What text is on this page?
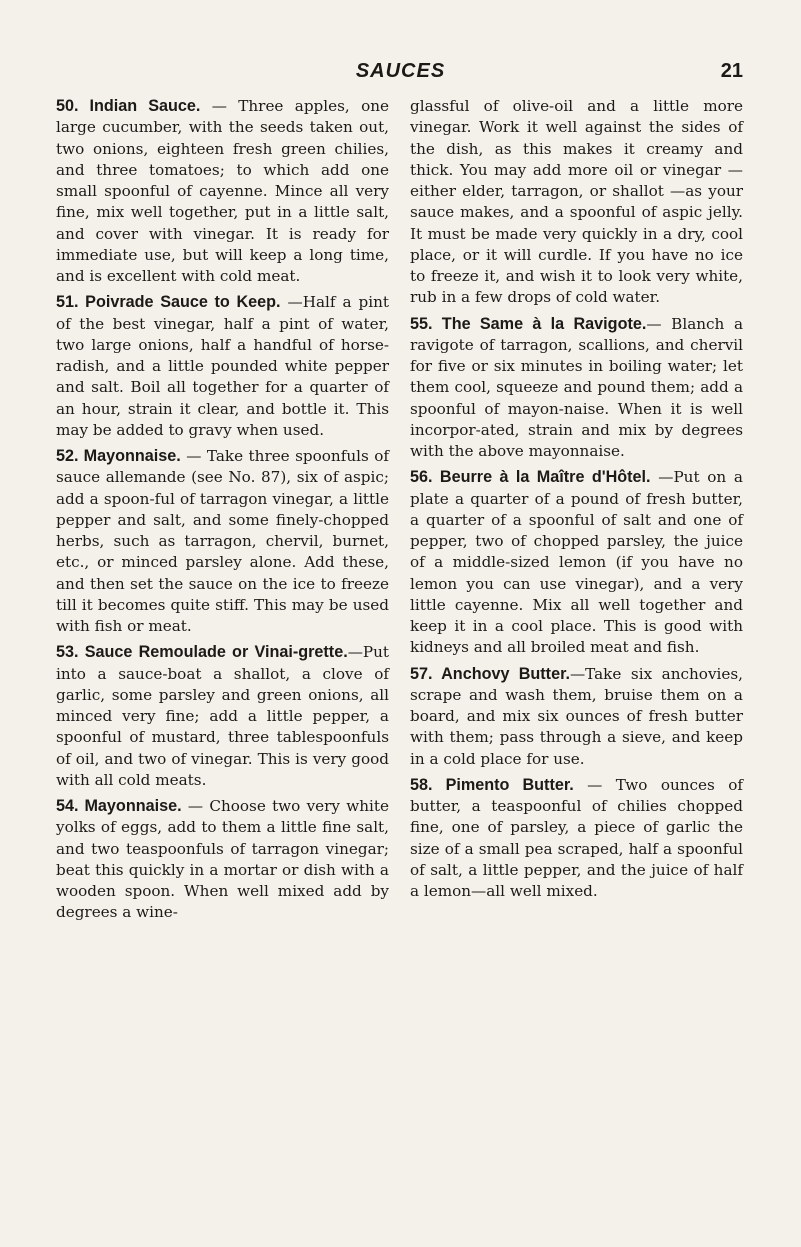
SAUCES	21

50. Indian Sauce. — Three apples, one large cucumber, with the seeds taken out, two onions, eighteen fresh green chilies, and three tomatoes; to which add one small spoonful of cayenne. Mince all very fine, mix well together, put in a little salt, and cover with vinegar. It is ready for immediate use, but will keep a long time, and is excellent with cold meat.

51. Poivrade Sauce to Keep. —Half a pint of the best vinegar, half a pint of water, two large onions, half a handful of horse-radish, and a little pounded white pepper and salt. Boil all together for a quarter of an hour, strain it clear, and bottle it. This may be added to gravy when used.

52. Mayonnaise. — Take three spoonfuls of sauce allemande (see No. 87), six of aspic; add a spoon-ful of tarragon vinegar, a little pepper and salt, and some finely-chopped herbs, such as tarragon, chervil, burnet, etc., or minced parsley alone. Add these, and then set the sauce on the ice to freeze till it becomes quite stiff. This may be used with fish or meat.

53. Sauce Remoulade or Vinai-grette.—Put into a sauce-boat a shallot, a clove of garlic, some parsley and green onions, all minced very fine; add a little pepper, a spoonful of mustard, three tablespoonfuls of oil, and two of vinegar. This is very good with all cold meats.

54. Mayonnaise. — Choose two very white yolks of eggs, add to them a little fine salt, and two teaspoonfuls of tarragon vinegar; beat this quickly in a mortar or dish with a wooden spoon. When well mixed add by degrees a wine-

glassful of olive-oil and a little more vinegar. Work it well against the sides of the dish, as this makes it creamy and thick. You may add more oil or vinegar —either elder, tarragon, or shallot —as your sauce makes, and a spoonful of aspic jelly. It must be made very quickly in a dry, cool place, or it will curdle. If you have no ice to freeze it, and wish it to look very white, rub in a few drops of cold water.

55. The Same à la Ravigote.— Blanch a ravigote of tarragon, scallions, and chervil for five or six minutes in boiling water; let them cool, squeeze and pound them; add a spoonful of mayon-naise. When it is well incorpor-ated, strain and mix by degrees with the above mayonnaise.

56. Beurre à la Maître d'Hôtel. —Put on a plate a quarter of a pound of fresh butter, a quarter of a spoonful of salt and one of pepper, two of chopped parsley, the juice of a middle-sized lemon (if you have no lemon you can use vinegar), and a very little cayenne. Mix all well together and keep it in a cool place. This is good with kidneys and all broiled meat and fish.

57. Anchovy Butter.—Take six anchovies, scrape and wash them, bruise them on a board, and mix six ounces of fresh butter with them; pass through a sieve, and keep in a cold place for use.

58. Pimento Butter. — Two ounces of butter, a teaspoonful of chilies chopped fine, one of parsley, a piece of garlic the size of a small pea scraped, half a spoonful of salt, a little pepper, and the juice of half a lemon—all well mixed.
